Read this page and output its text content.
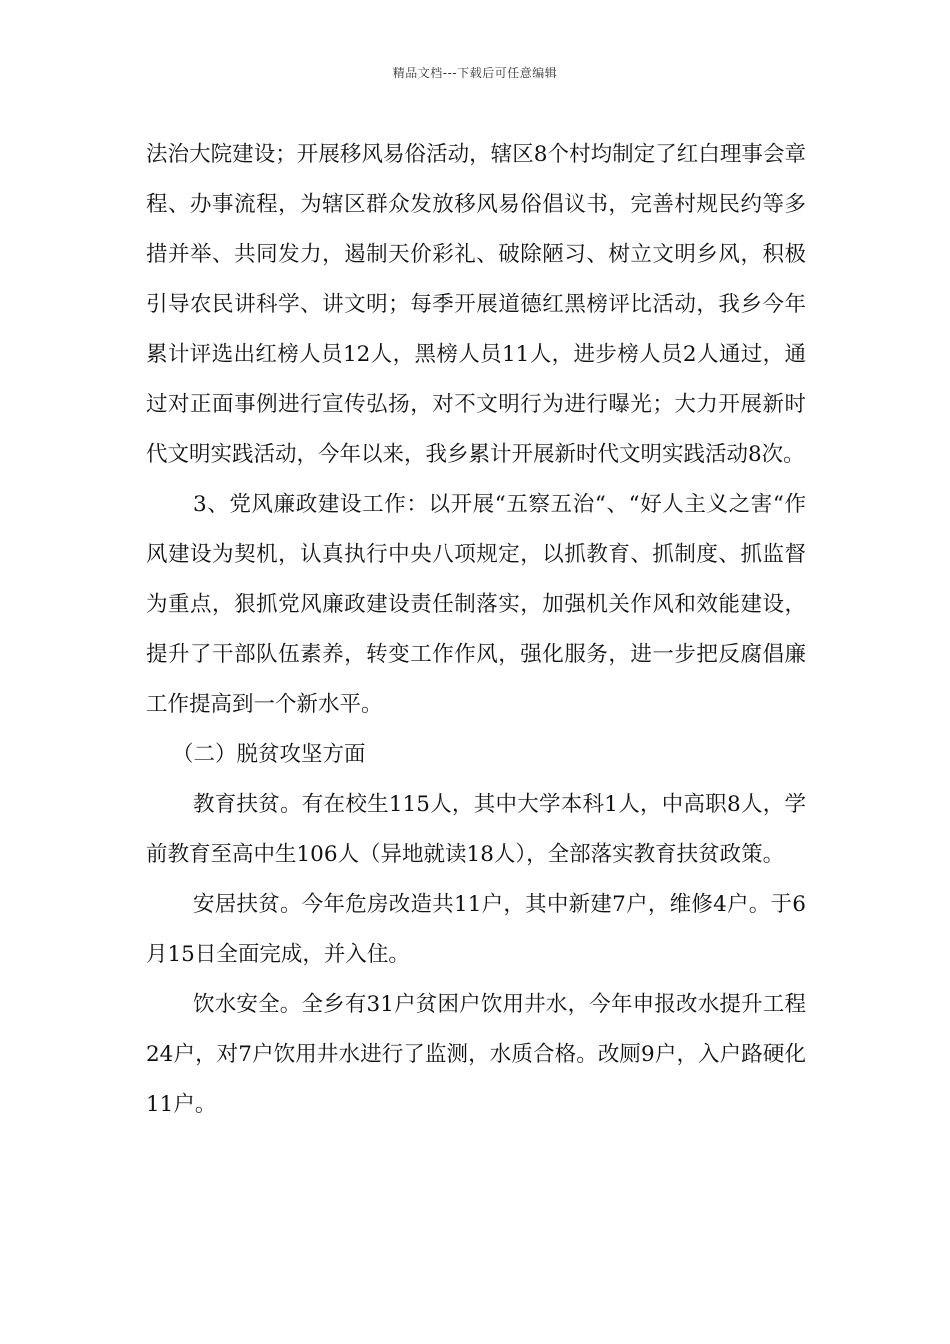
精品文档---下载后可任意编辑

法治大院建设；开展移风易俗活动，辖区8个村均制定了红白理事会章程、办事流程，为辖区群众发放移风易俗倡议书，完善村规民约等多措并举、共同发力，遏制天价彩礼、破除陋习、树立文明乡风，积极引导农民讲科学、讲文明；每季开展道德红黑榜评比活动，我乡今年累计评选出红榜人员12人，黑榜人员11人，进步榜人员2人通过，通过对正面事例进行宣传弘扬，对不文明行为进行曝光；大力开展新时代文明实践活动，今年以来，我乡累计开展新时代文明实践活动8次。

3、党风廉政建设工作：以开展“五察五治“、“好人主义之害“作风建设为契机，认真执行中央八项规定，以抓教育、抓制度、抓监督为重点，狠抓党风廉政建设责任制落实，加强机关作风和效能建设，提升了干部队伍素养，转变工作作风，强化服务，进一步把反腐倡廉工作提高到一个新水平。

（二）脱贫攻坚方面

教育扶贫。有在校生115人，其中大学本科1人，中高职8人，学前教育至高中生106人（异地就读18人），全部落实教育扶贫政策。

安居扶贫。今年危房改造共11户，其中新建7户，维修4户。于6月15日全面完成，并入住。

饮水安全。全乡有31户贫困户饮用井水，今年申报改水提升工程24户，对7户饮用井水进行了监测，水质合格。改厕9户，入户路硬化11户。
